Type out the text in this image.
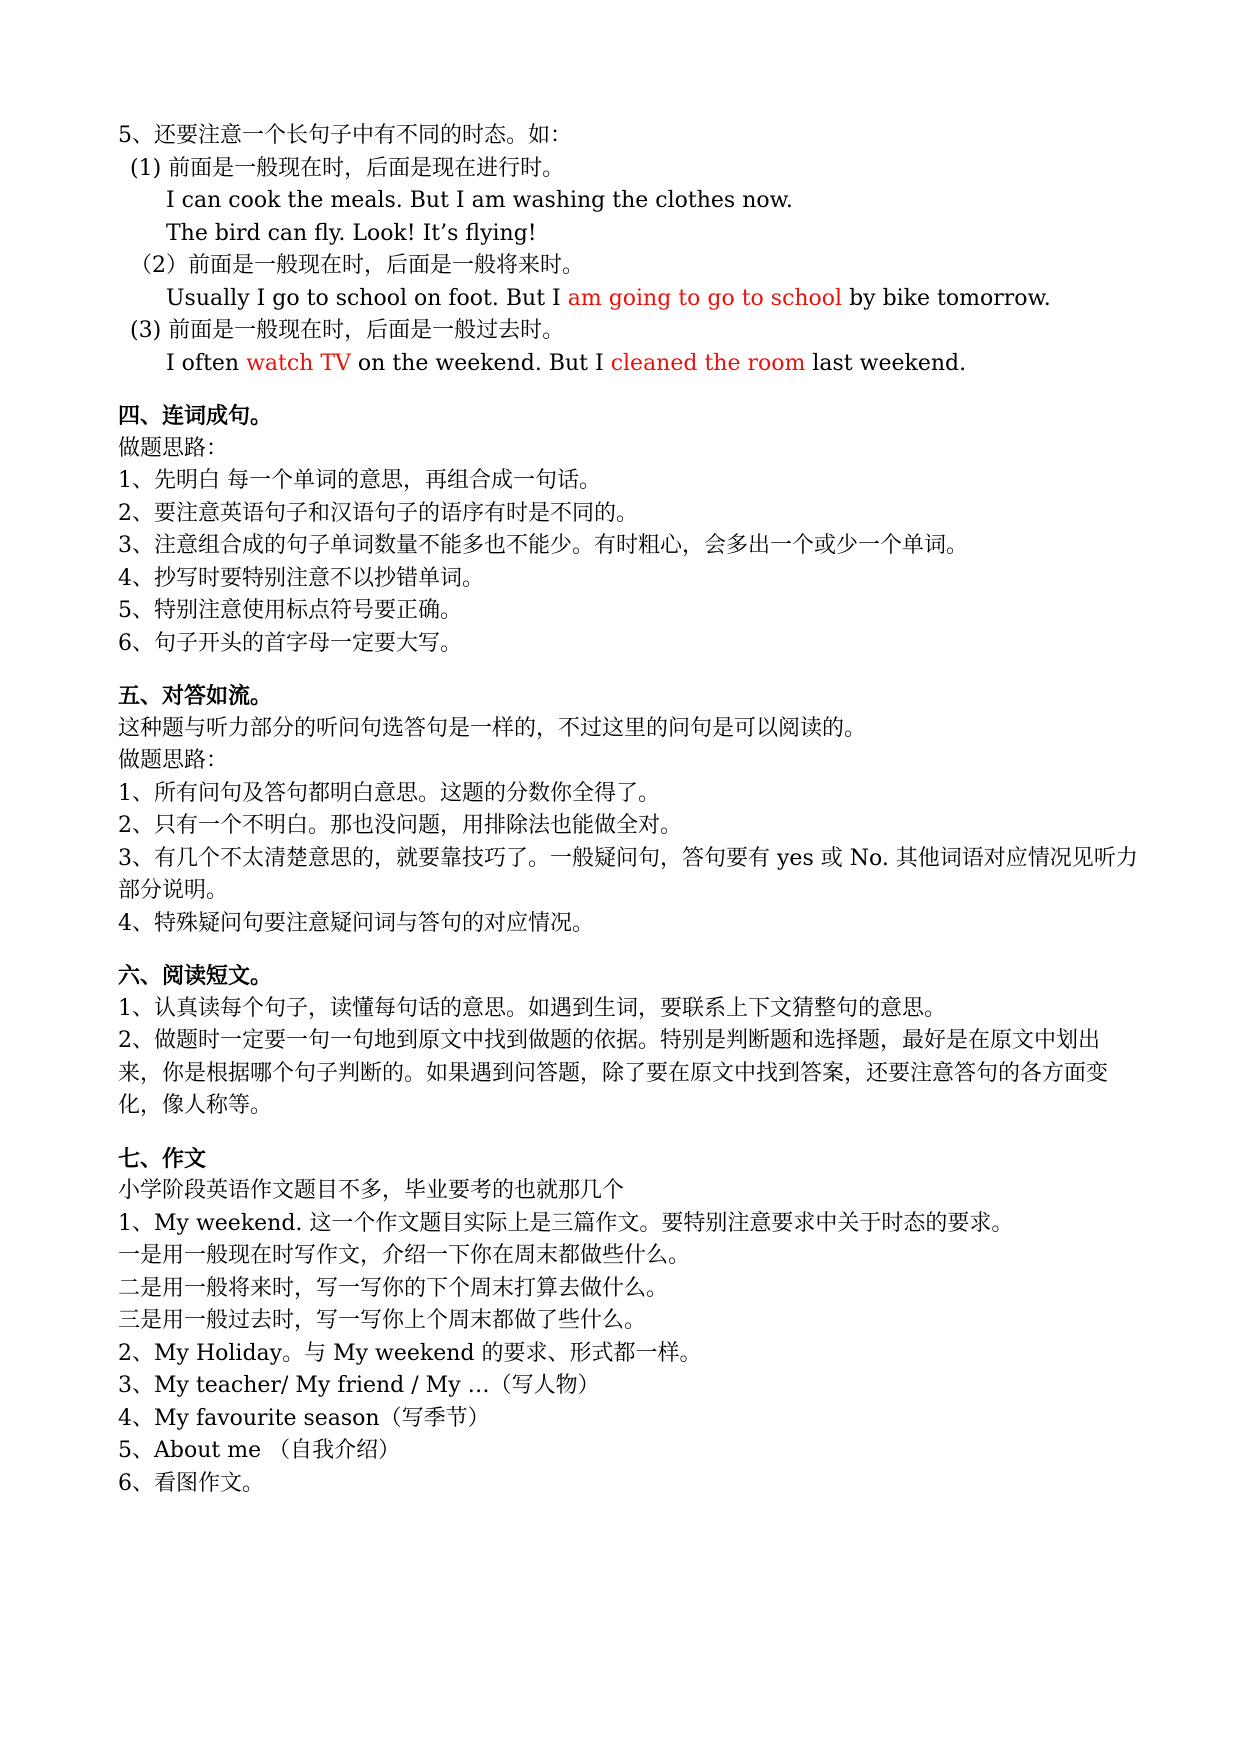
5、还要注意一个长句子中有不同的时态。如：
(1) 前面是一般现在时，后面是现在进行时。
I can cook the meals. But I am washing the clothes now.
The bird can fly. Look! It’s flying!
（2）前面是一般现在时，后面是一般将来时。
Usually I go to school on foot. But I am going to go to school by bike tomorrow.
(3) 前面是一般现在时，后面是一般过去时。
I often watch TV on the weekend. But I cleaned the room last weekend.
四、连词成句。
做题思路：
1、先明白 每一个单词的意思，再组合成一句话。
2、要注意英语句子和汉语句子的语序有时是不同的。
3、注意组合成的句子单词数量不能多也不能少。有时粗心，会多出一个或少一个单词。
4、抄写时要特别注意不以抄错单词。
5、特别注意使用标点符号要正确。
6、句子开头的首字母一定要大写。
五、对答如流。
这种题与听力部分的听问句选答句是一样的，不过这里的问句是可以阅读的。
做题思路：
1、所有问句及答句都明白意思。这题的分数你全得了。
2、只有一个不明白。那也没问题，用排除法也能做全对。
3、有几个不太清楚意思的，就要靠技巧了。一般疑问句，答句要有 yes 或 No. 其他词语对应情况见听力部分说明。
4、特殊疑问句要注意疑问词与答句的对应情况。
六、阅读短文。
1、认真读每个句子，读懂每句话的意思。如遇到生词，要联系上下文猜整句的意思。
2、做题时一定要一句一句地到原文中找到做题的依据。特别是判断题和选择题，最好是在原文中划出来，你是根据哪个句子判断的。如果遇到问答题，除了要在原文中找到答案，还要注意答句的各方面变化，像人称等。
七、作文
小学阶段英语作文题目不多，毕业要考的也就那几个
1、My weekend. 这一个作文题目实际上是三篇作文。要特别注意要求中关于时态的要求。
一是用一般现在时写作文，介绍一下你在周末都做些什么。
二是用一般将来时，写一写你的下个周末打算去做什么。
三是用一般过去时，写一写你上个周末都做了些什么。
2、My Holiday。与 My weekend 的要求、形式都一样。
3、My teacher/ My friend / My …（写人物）
4、My favourite season（写季节）
5、About me （自我介绍）
6、看图作文。
